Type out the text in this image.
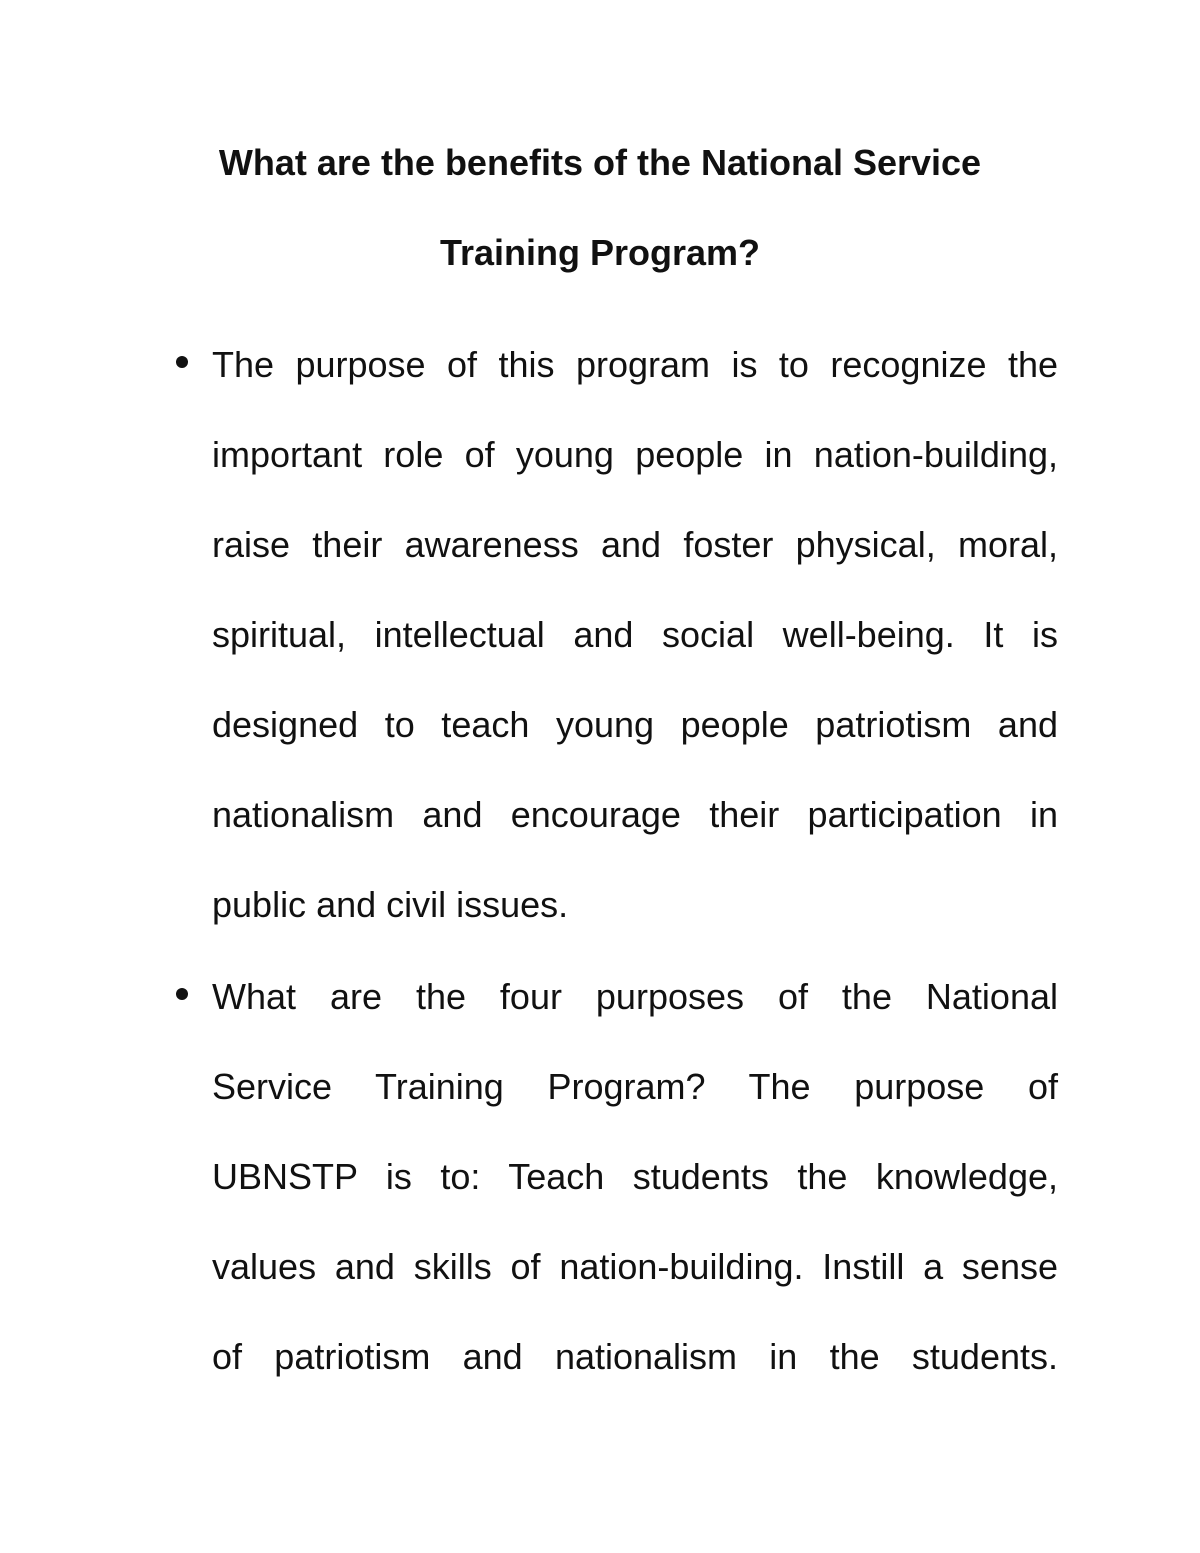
What are the benefits of the National Service
Training Program?
The purpose of this program is to recognize the
important role of young people in nation-building,
raise their awareness and foster physical, moral,
spiritual, intellectual and social well-being. It is
designed to teach young people patriotism and
nationalism and encourage their participation in
public and civil issues.
What are the four purposes of the National
Service Training Program? The purpose of
UBNSTP is to: Teach students the knowledge,
values and skills of nation-building. Instill a sense
of patriotism and nationalism in the students.
